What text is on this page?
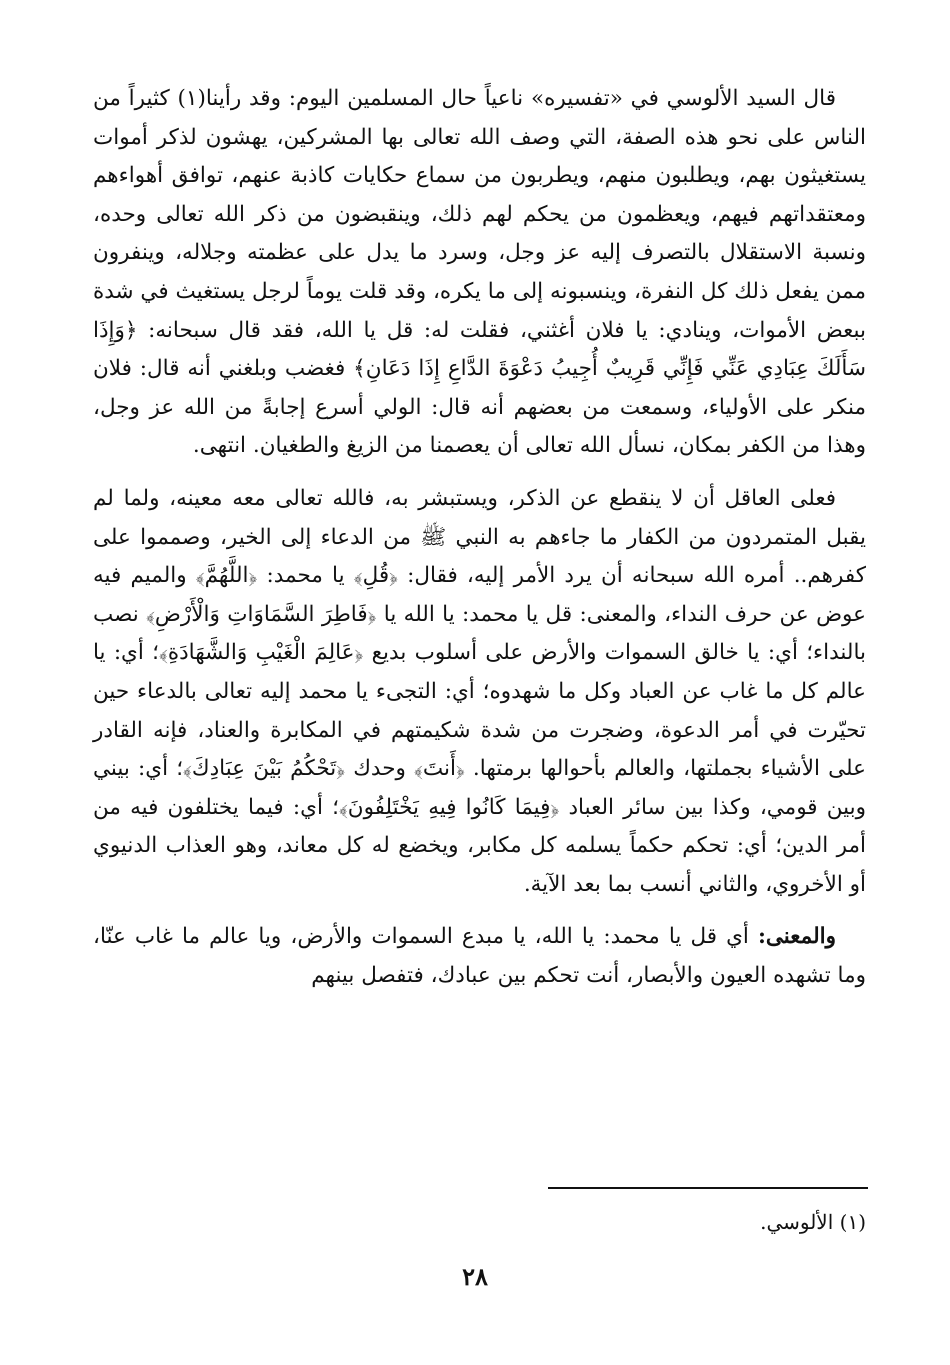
قال السيد الألوسي في «تفسيره» ناعياً حال المسلمين اليوم: وقد رأينا(١) كثيراً من الناس على نحو هذه الصفة، التي وصف الله تعالى بها المشركين، يهشون لذكر أموات يستغيثون بهم، ويطلبون منهم، ويطربون من سماع حكايات كاذبة عنهم، توافق أهواءهم ومعتقداتهم فيهم، ويعظمون من يحكم لهم ذلك، وينقبضون من ذكر الله تعالى وحده، ونسبة الاستقلال بالتصرف إليه عز وجل، وسرد ما يدل على عظمته وجلاله، وينفرون ممن يفعل ذلك كل النفرة، وينسبونه إلى ما يكره، وقد قلت يوماً لرجل يستغيث في شدة ببعض الأموات، وينادي: يا فلان أغثني، فقلت له: قل يا الله، فقد قال سبحانه: ﴿وَإِذَا سَأَلَكَ عِبَادِي عَنِّي فَإِنِّي قَرِيبٌ أُجِيبُ دَعْوَةَ الدَّاعِ إِذَا دَعَانِ﴾ فغضب وبلغني أنه قال: فلان منكر على الأولياء، وسمعت من بعضهم أنه قال: الولي أسرع إجابةً من الله عز وجل، وهذا من الكفر بمكان، نسأل الله تعالى أن يعصمنا من الزيغ والطغيان. انتهى.

فعلى العاقل أن لا ينقطع عن الذكر، ويستبشر به، فالله تعالى معه معينه، ولما لم يقبل المتمردون من الكفار ما جاءهم به النبي ﷺ من الدعاء إلى الخير، وصمموا على كفرهم.. أمره الله سبحانه أن يرد الأمر إليه، فقال: ﴿قُلِ﴾ يا محمد: ﴿اللَّهُمَّ﴾ والميم فيه عوض عن حرف النداء، والمعنى: قل يا محمد: يا الله يا ﴿فَاطِرَ السَّمَاوَاتِ وَالْأَرْضِ﴾ نصب بالنداء؛ أي: يا خالق السموات والأرض على أسلوب بديع ﴿عَالِمَ الْغَيْبِ وَالشَّهَادَةِ﴾؛ أي: يا عالم كل ما غاب عن العباد وكل ما شهدوه؛ أي: التجىء يا محمد إليه تعالى بالدعاء حين تحيّرت في أمر الدعوة، وضجرت من شدة شكيمتهم في المكابرة والعناد، فإنه القادر على الأشياء بجملتها، والعالم بأحوالها برمتها. ﴿أَنتَ﴾ وحدك ﴿تَحْكُمُ بَيْنَ عِبَادِكَ﴾؛ أي: بيني وبين قومي، وكذا بين سائر العباد ﴿فِيمَا كَانُوا فِيهِ يَخْتَلِفُونَ﴾؛ أي: فيما يختلفون فيه من أمر الدين؛ أي: تحكم حكماً يسلمه كل مكابر، ويخضع له كل معاند، وهو العذاب الدنيوي أو الأخروي، والثاني أنسب بما بعد الآية.

والمعنى: أي قل يا محمد: يا الله، يا مبدع السموات والأرض، ويا عالم ما غاب عنّا، وما تشهده العيون والأبصار، أنت تحكم بين عبادك، فتفصل بينهم

(١) الألوسي.
٢٨
